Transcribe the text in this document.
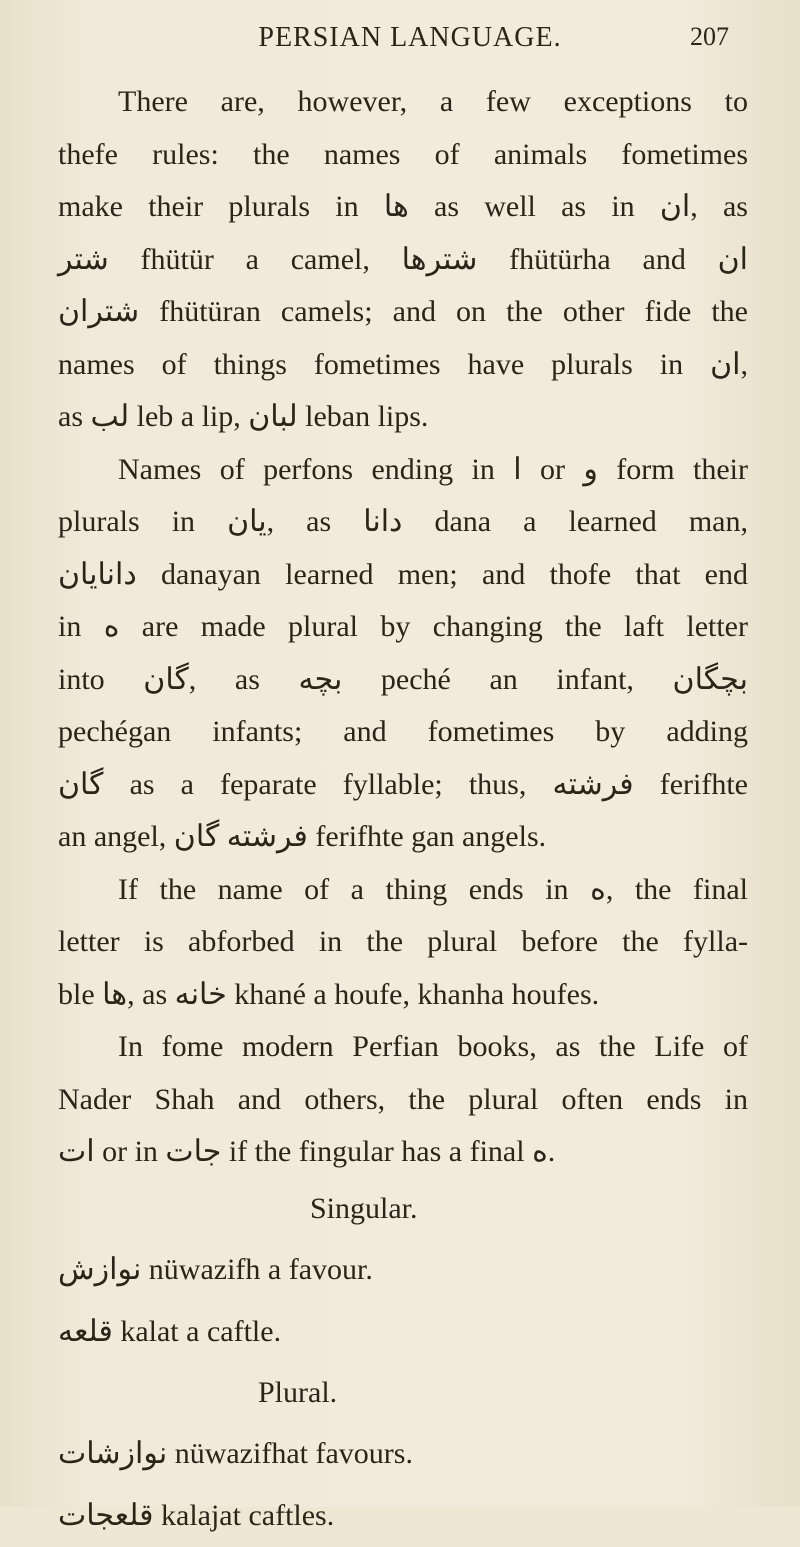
PERSIAN LANGUAGE.	207
There are, however, a few exceptions to
thefe rules: the names of animals fometimes
make their plurals in ها as well as in ان, as
شتر fhütür a camel, شترها fhütürha and ان
شتران fhütüran camels; and on the other fide the
names of things fometimes have plurals in ان,
as لب leb a lip, لبان leban lips.
Names of perfons ending in ا or و form their
plurals in يان, as دانا dana a learned man,
دانايان danayan learned men; and thofe that end
in ه are made plural by changing the laft letter
into گان, as بچه peché an infant, بچگان
pechégan infants; and fometimes by adding
گان as a feparate fyllable; thus, فرشته ferifhte
an angel, فرشته گان ferifhte gan angels.
If the name of a thing ends in ه, the final
letter is abforbed in the plural before the fylla-
ble ها, as خانه khané a houfe, khanha houfes.
In fome modern Perfian books, as the Life of
Nader Shah and others, the plural often ends in
ات or in جات if the fingular has a final ه.
Singular.
نوازش nüwazifh a favour.
قلعه kalat a caftle.
Plural.
نوازشات nüwazifhat favours.
قلعجات kalajat caftles.
